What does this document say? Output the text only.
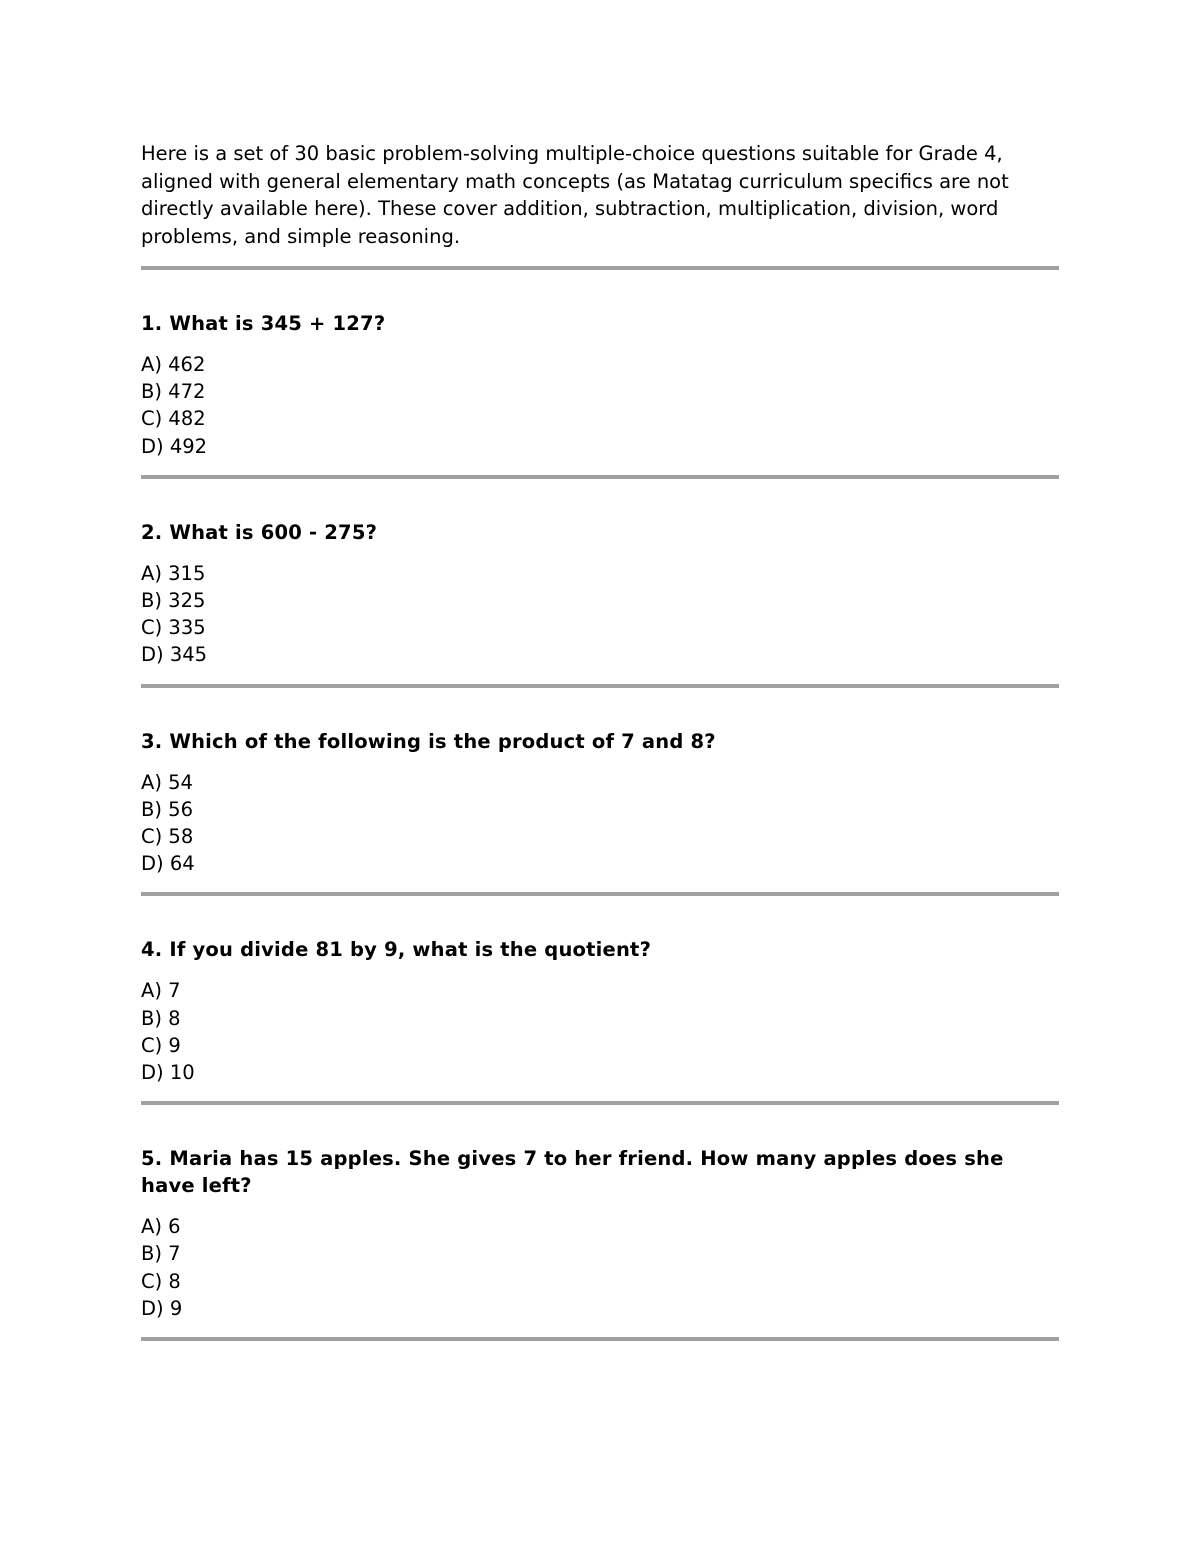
Here is a set of 30 basic problem-solving multiple-choice questions suitable for Grade 4, aligned with general elementary math concepts (as Matatag curriculum specifics are not directly available here). These cover addition, subtraction, multiplication, division, word problems, and simple reasoning.

1. What is 345 + 127?

A) 462
B) 472
C) 482
D) 492

2. What is 600 - 275?

A) 315
B) 325
C) 335
D) 345

3. Which of the following is the product of 7 and 8?

A) 54
B) 56
C) 58
D) 64

4. If you divide 81 by 9, what is the quotient?

A) 7
B) 8
C) 9
D) 10

5. Maria has 15 apples. She gives 7 to her friend. How many apples does she have left?

A) 6
B) 7
C) 8
D) 9
